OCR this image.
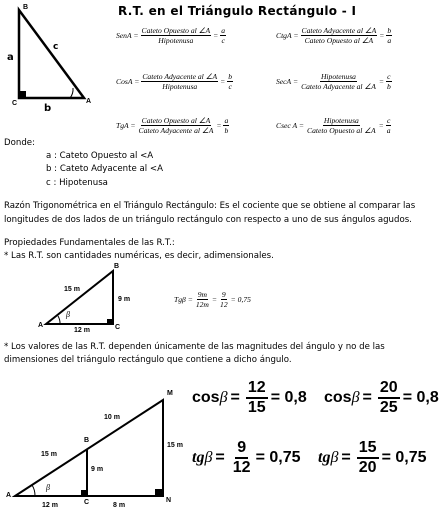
R.T. en el Triángulo Rectángulo - I
B
C	A
a
b
c
SenA =
Cateto Opuesto al ∠A
Hipotenusa
=
a
c
CtgA =
Cateto Adyacente al ∠A
Cateto Opuesto al ∠A
=
b
a
CosA =
Cateto Adyacente al ∠A
Hipotenusa
=
b
c
SecA =
Hipotenusa
Cateto Adyacente al ∠A
=
c
b
TgA =
Cateto Opuesto al ∠A
Cateto Adyacente al ∠A
=
a
b
Csec A =
Hipotenusa
Cateto Opuesto al ∠A
=
c
a
Donde:
a : Cateto Opuesto al <A
b : Cateto Adyacente al <A
c : Hipotenusa
Razón Trigonométrica en el Triángulo Rectángulo: Es el cociente que se obtiene al comparar las
longitudes de dos lados de un triángulo rectángulo con respecto a uno de sus ángulos agudos.
Propiedades Fundamentales de las R.T.:
* Las R.T. son cantidades numéricas, es decir, adimensionales.
B
A	C
15 m
9 m
12 m
β
$Tg\beta = \frac{9m}{12m} = \frac{9}{12} = 0,75$
* Los valores de las R.T. dependen únicamente de las magnitudes del ángulo y no de las
dimensiones del triángulo rectángulo que contiene a dicho ángulo.
M
B
A
C	N
10 m
15 m
15 m
9 m
12 m	8 m
β
$\cos \beta = \frac{12}{15} = 0,8$ $\cos \beta = \frac{20}{25} = 0,8$
tg $\beta = \frac{9}{12} = 0,75$ tg $\beta = \frac{15}{20} = 0,75$
